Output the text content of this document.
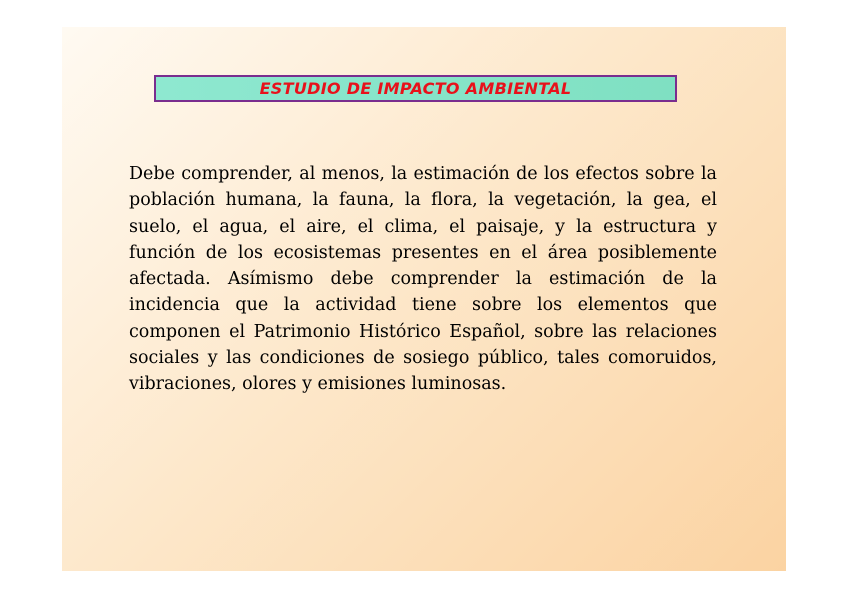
ESTUDIO DE IMPACTO AMBIENTAL
Debe comprender, al menos, la estimación de los efectos sobre la población humana, la fauna, la flora, la vegetación, la gea, el suelo, el agua, el aire, el clima, el paisaje, y la estructura y función de los ecosistemas presentes en el área posiblemente afectada. Asímismo debe comprender la estimación de la incidencia que la actividad tiene sobre los elementos que componen el Patrimonio Histórico Español, sobre las relaciones sociales y las condiciones de sosiego público, tales comoruidos, vibraciones, olores y emisiones luminosas.
